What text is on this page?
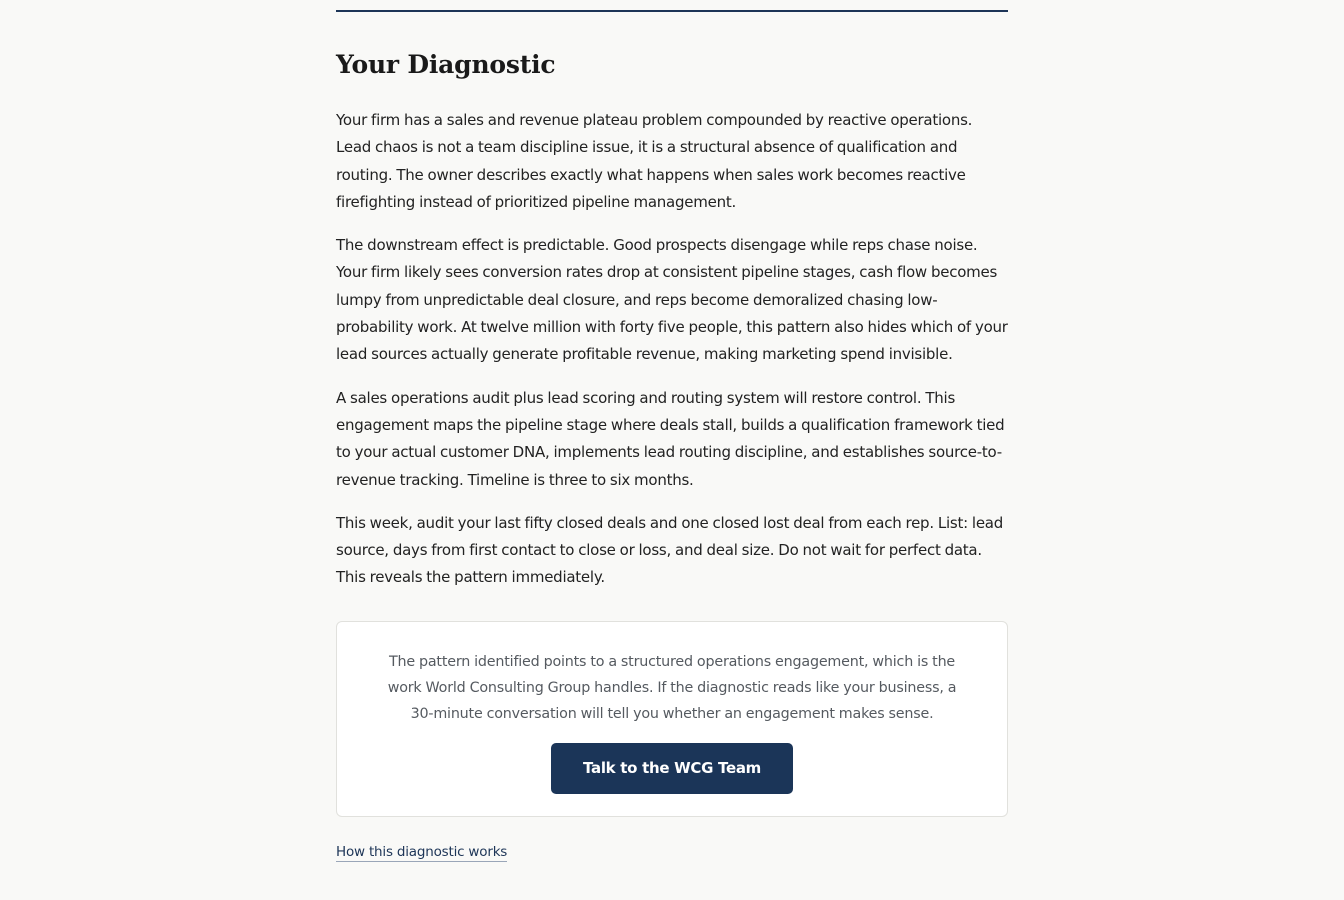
Your Diagnostic

Your firm has a sales and revenue plateau problem compounded by reactive operations. Lead chaos is not a team discipline issue, it is a structural absence of qualification and routing. The owner describes exactly what happens when sales work becomes reactive firefighting instead of prioritized pipeline management.

The downstream effect is predictable. Good prospects disengage while reps chase noise. Your firm likely sees conversion rates drop at consistent pipeline stages, cash flow becomes lumpy from unpredictable deal closure, and reps become demoralized chasing low-probability work. At twelve million with forty five people, this pattern also hides which of your lead sources actually generate profitable revenue, making marketing spend invisible.

A sales operations audit plus lead scoring and routing system will restore control. This engagement maps the pipeline stage where deals stall, builds a qualification framework tied to your actual customer DNA, implements lead routing discipline, and establishes source-to-revenue tracking. Timeline is three to six months.

This week, audit your last fifty closed deals and one closed lost deal from each rep. List: lead source, days from first contact to close or loss, and deal size. Do not wait for perfect data. This reveals the pattern immediately.

The pattern identified points to a structured operations engagement, which is the work World Consulting Group handles. If the diagnostic reads like your business, a 30-minute conversation will tell you whether an engagement makes sense.

Talk to the WCG Team
How this diagnostic works
